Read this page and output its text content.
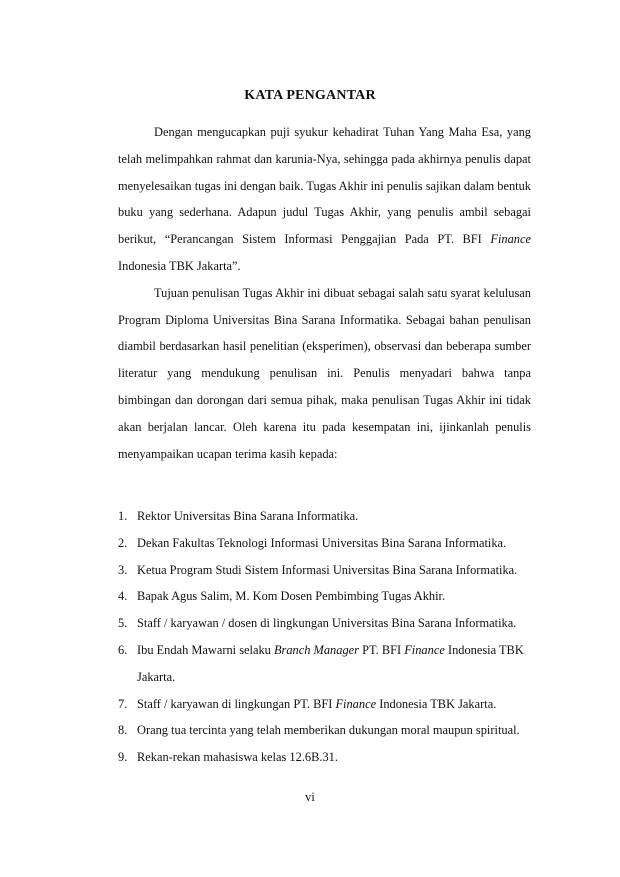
KATA PENGANTAR

Dengan mengucapkan puji syukur kehadirat Tuhan Yang Maha Esa, yang telah melimpahkan rahmat dan karunia-Nya, sehingga pada akhirnya penulis dapat menyelesaikan tugas ini dengan baik. Tugas Akhir ini penulis sajikan dalam bentuk buku yang sederhana. Adapun judul Tugas Akhir, yang penulis ambil sebagai berikut, “Perancangan Sistem Informasi Penggajian Pada PT. BFI Finance Indonesia TBK Jakarta”.

Tujuan penulisan Tugas Akhir ini dibuat sebagai salah satu syarat kelulusan Program Diploma Universitas Bina Sarana Informatika. Sebagai bahan penulisan diambil berdasarkan hasil penelitian (eksperimen), observasi dan beberapa sumber literatur yang mendukung penulisan ini. Penulis menyadari bahwa tanpa bimbingan dan dorongan dari semua pihak, maka penulisan Tugas Akhir ini tidak akan berjalan lancar. Oleh karena itu pada kesempatan ini, ijinkanlah penulis menyampaikan ucapan terima kasih kepada:

1. Rektor Universitas Bina Sarana Informatika.
2. Dekan Fakultas Teknologi Informasi Universitas Bina Sarana Informatika.
3. Ketua Program Studi Sistem Informasi Universitas Bina Sarana Informatika.
4. Bapak Agus Salim, M. Kom Dosen Pembimbing Tugas Akhir.
5. Staff / karyawan / dosen di lingkungan Universitas Bina Sarana Informatika.
6. Ibu Endah Mawarni selaku Branch Manager PT. BFI Finance Indonesia TBK Jakarta.
7. Staff / karyawan di lingkungan PT. BFI Finance Indonesia TBK Jakarta.
8. Orang tua tercinta yang telah memberikan dukungan moral maupun spiritual.
9. Rekan-rekan mahasiswa kelas 12.6B.31.
vi
